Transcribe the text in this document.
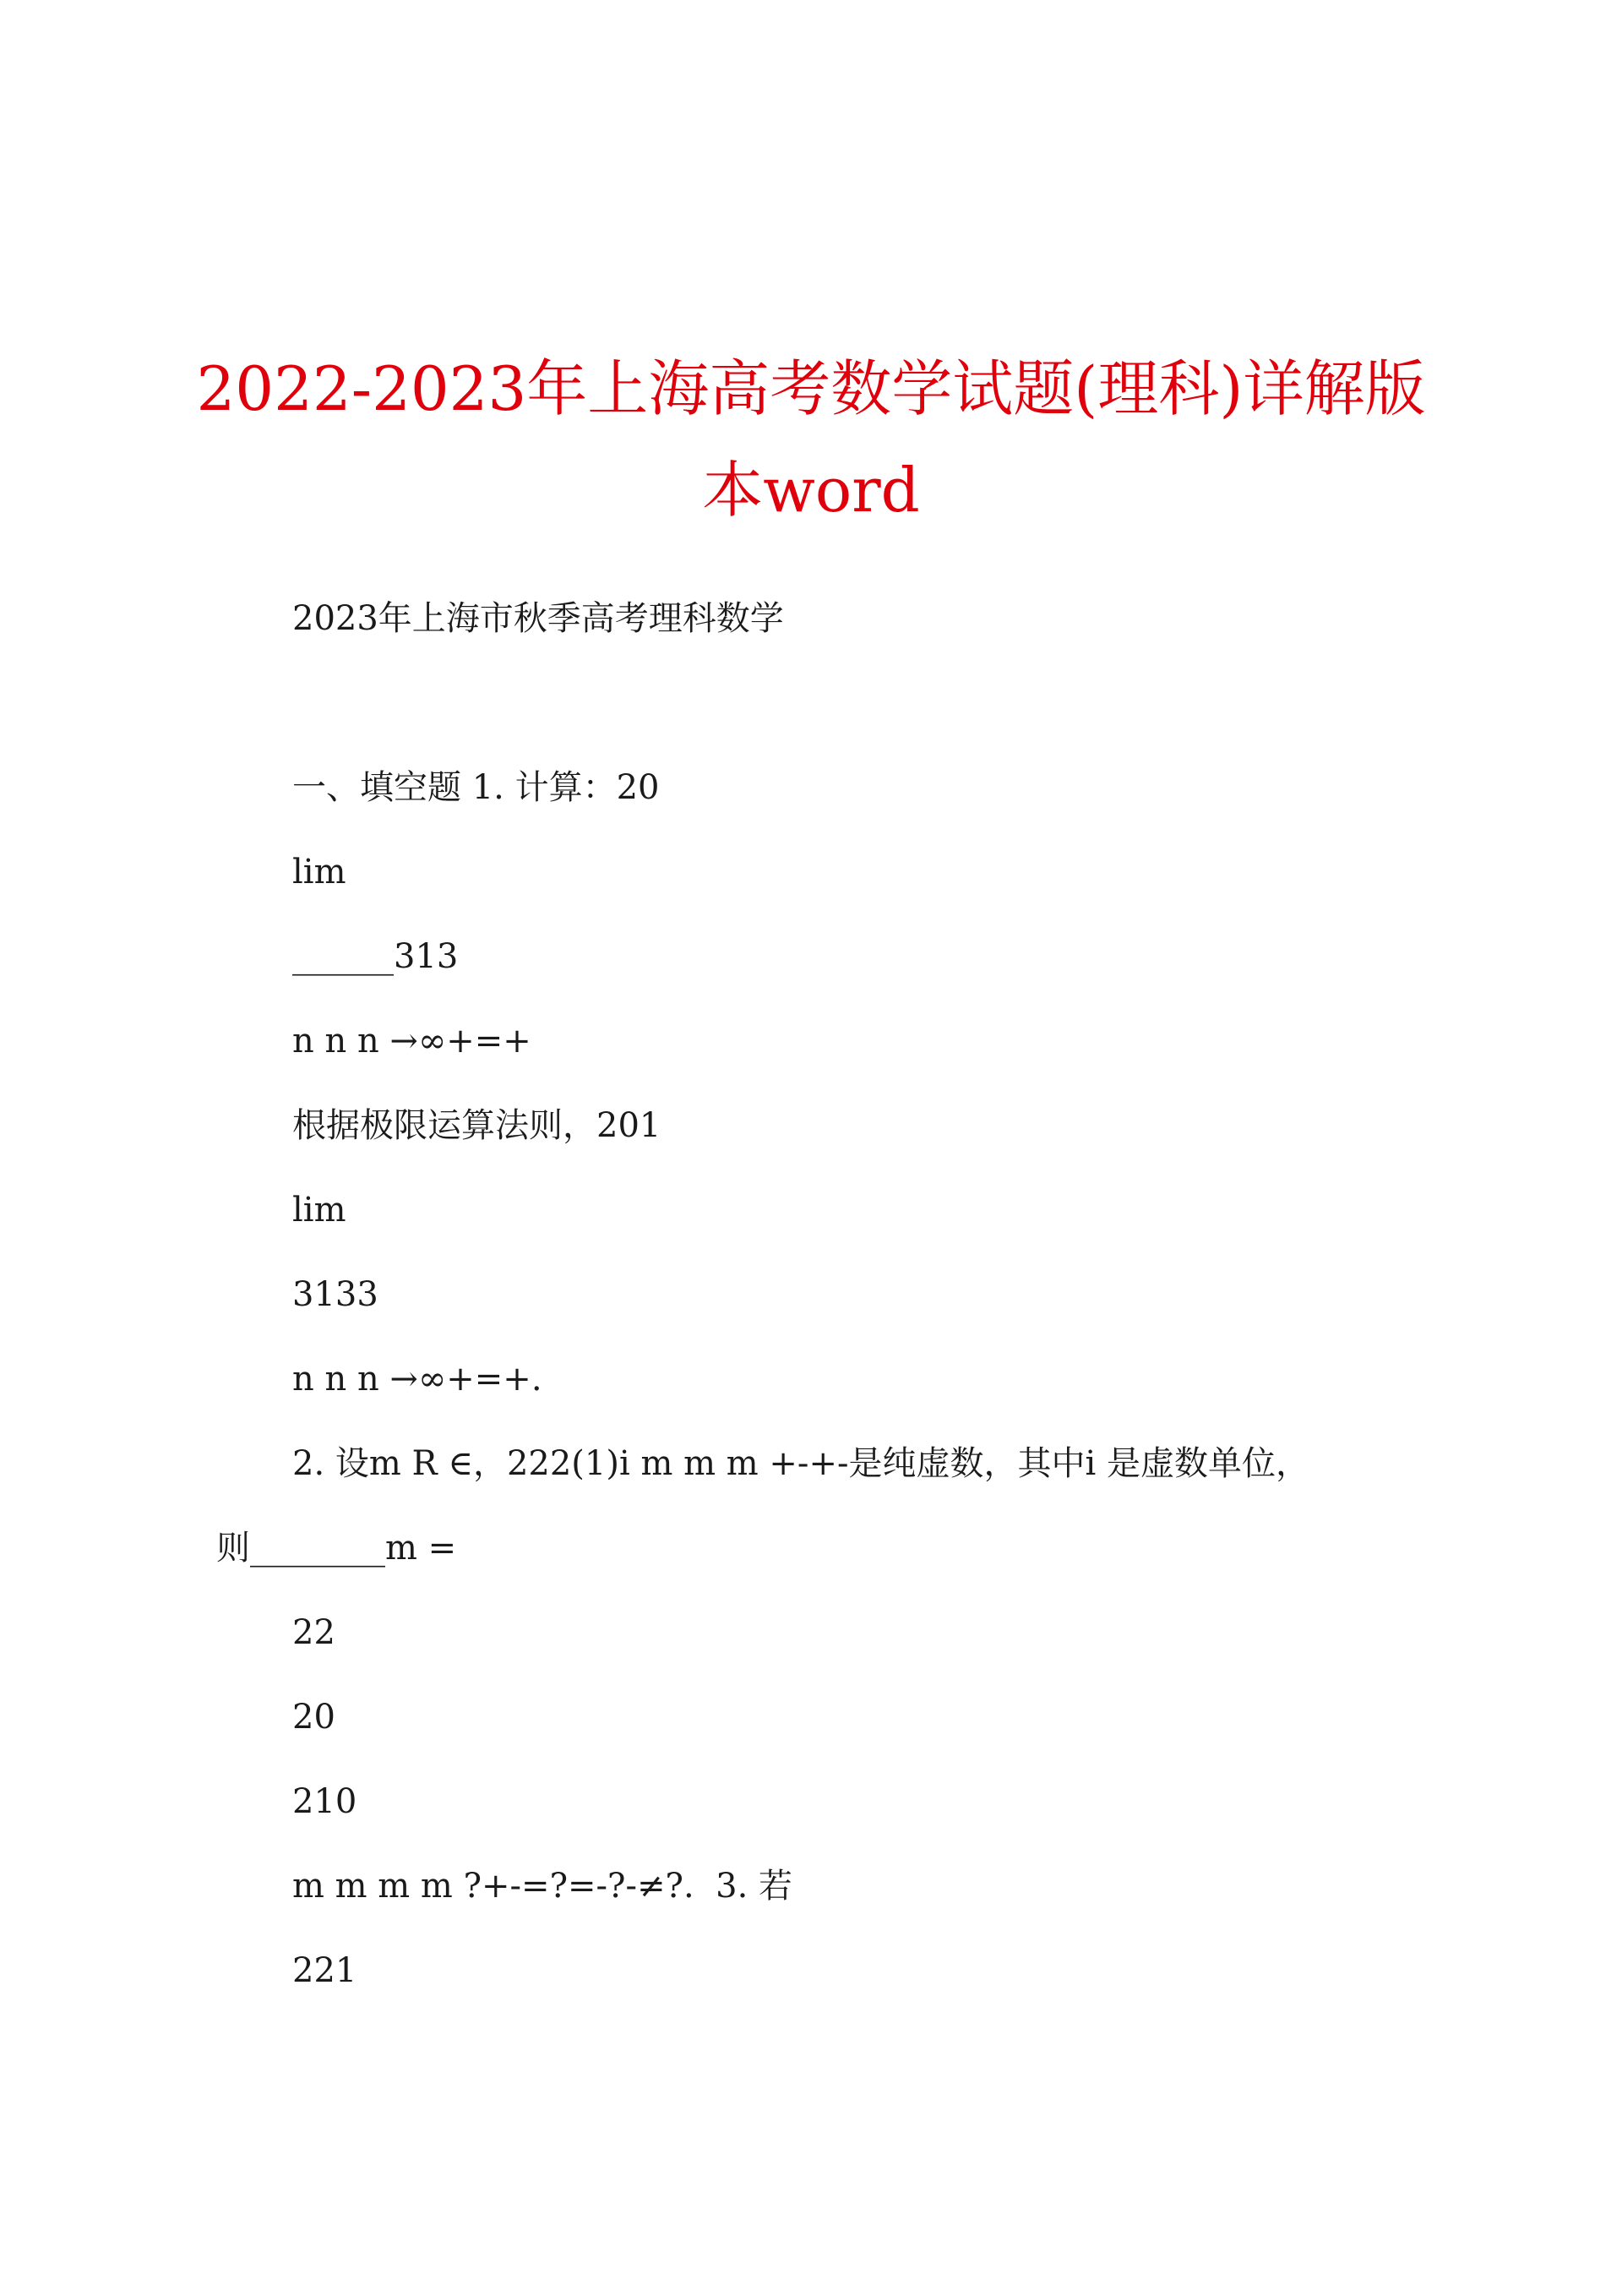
2022-2023年上海高考数学试题(理科)详解版
本word
2023年上海市秋季高考理科数学
一、填空题 1. 计算：20
lim
______313
n n n →∞+=+
根据极限运算法则，201
lim
3133
n n n →∞+=+.
2. 设m R ∈，222(1)i m m m +-+-是纯虚数，其中i 是虚数单位，
则________m =
22
20
210
m m m m ?+-=?=-?-≠?.  3. 若
221
